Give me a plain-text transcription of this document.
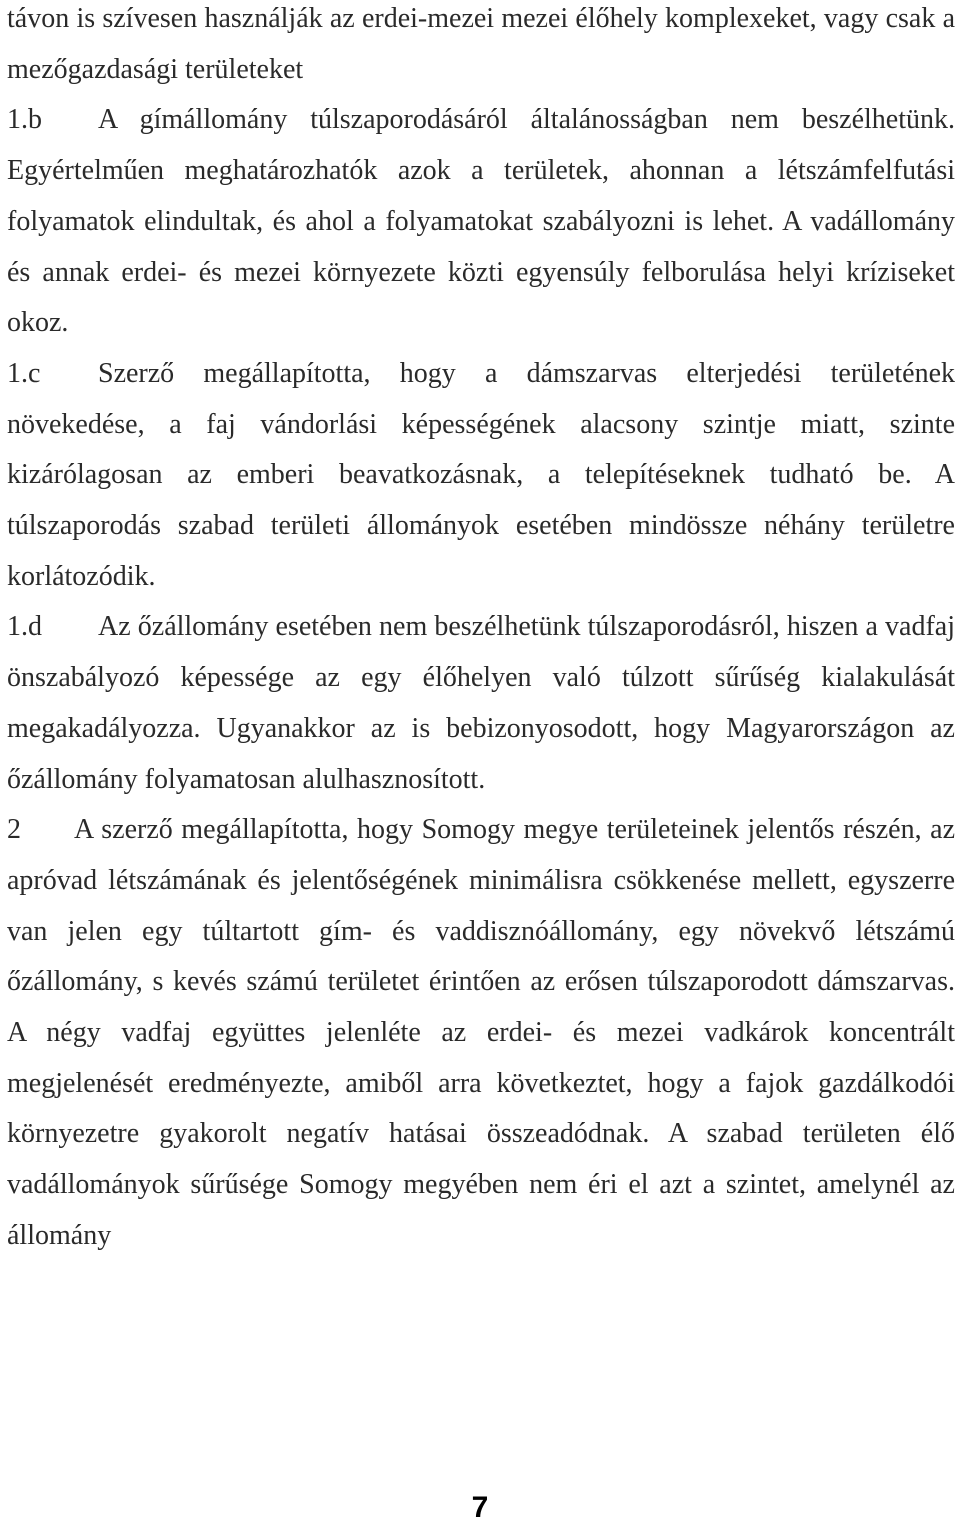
távon is szívesen használják az erdei-mezei mezei élőhely komplexeket, vagy csak a mezőgazdasági területeket

1.b A gímállomány túlszaporodásáról általánosságban nem beszélhetünk. Egyértelműen meghatározhatók azok a területek, ahonnan a létszámfelfutási folyamatok elindultak, és ahol a folyamatokat szabályozni is lehet. A vadállomány és annak erdei- és mezei környezete közti egyensúly felborulása helyi kríziseket okoz.

1.c Szerző megállapította, hogy a dámszarvas elterjedési területének növekedése, a faj vándorlási képességének alacsony szintje miatt, szinte kizárólagosan az emberi beavatkozásnak, a telepítéseknek tudható be. A túlszaporodás szabad területi állományok esetében mindössze néhány területre korlátozódik.

1.d Az őzállomány esetében nem beszélhetünk túlszaporodásról, hiszen a vadfaj önszabályozó képessége az egy élőhelyen való túlzott sűrűség kialakulását megakadályozza. Ugyanakkor az is bebizonyosodott, hogy Magyarországon az őzállomány folyamatosan alulhasznosított.

2 A szerző megállapította, hogy Somogy megye területeinek jelentős részén, az apróvad létszámának és jelentőségének minimálisra csökkenése mellett, egyszerre van jelen egy túltartott gím- és vaddisznóállomány, egy növekvő létszámú őzállomány, s kevés számú területet érintően az erősen túlszaporodott dámszarvas. A négy vadfaj együttes jelenléte az erdei- és mezei vadkárok koncentrált megjelenését eredményezte, amiből arra következtet, hogy a fajok gazdálkodói környezetre gyakorolt negatív hatásai összeadódnak. A szabad területen élő vadállományok sűrűsége Somogy megyében nem éri el azt a szintet, amelynél az állomány

7
